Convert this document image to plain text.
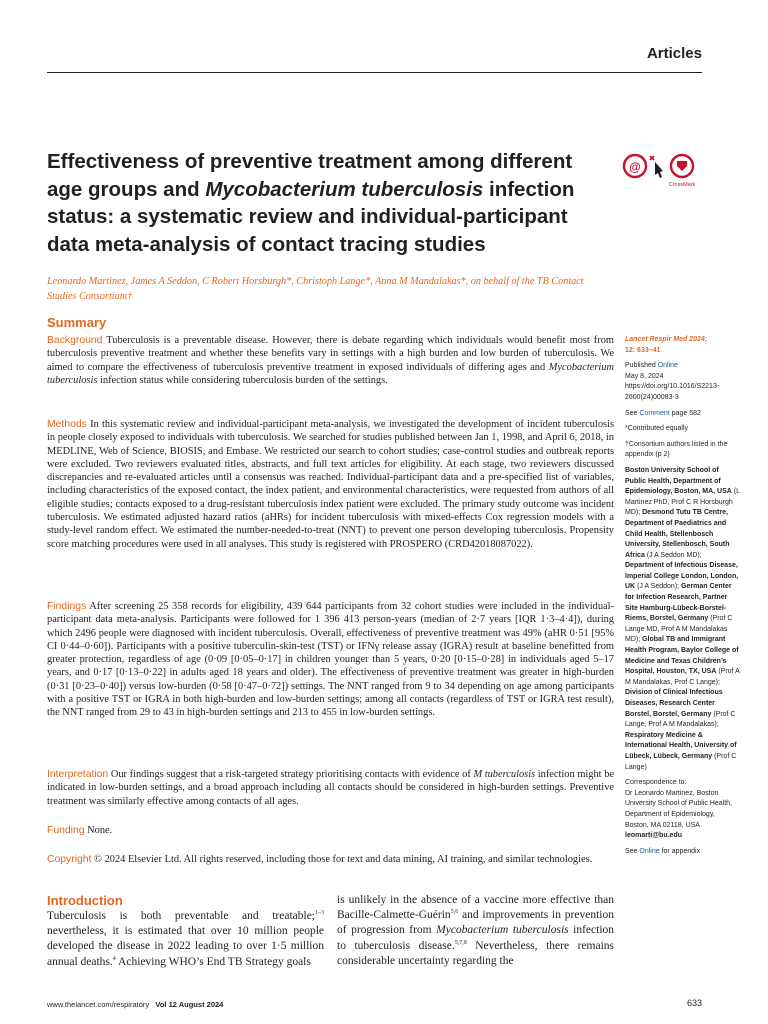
Articles
Effectiveness of preventive treatment among different age groups and Mycobacterium tuberculosis infection status: a systematic review and individual-participant data meta-analysis of contact tracing studies
@
CrossMark
Leonardo Martinez, James A Seddon, C Robert Horsburgh*, Christoph Lange*, Anna M Mandalakas*, on behalf of the TB Contact Studies Consortium†
Summary
Background Tuberculosis is a preventable disease. However, there is debate regarding which individuals would benefit most from tuberculosis preventive treatment and whether these benefits vary in settings with a high burden and low burden of tuberculosis. We aimed to compare the effectiveness of tuberculosis preventive treatment in exposed individuals of differing ages and Mycobacterium tuberculosis infection status while considering tuberculosis burden of the settings.
Methods In this systematic review and individual-participant meta-analysis, we investigated the development of incident tuberculosis in people closely exposed to individuals with tuberculosis. We searched for studies published between Jan 1, 1998, and April 6, 2018, in MEDLINE, Web of Science, BIOSIS, and Embase. We restricted our search to cohort studies; case-control studies and outbreak reports were excluded. Two reviewers evaluated titles, abstracts, and full text articles for eligibility. At each stage, two reviewers discussed discrepancies and re-evaluated articles until a consensus was reached. Individual-participant data and a pre-specified list of variables, including characteristics of the exposed contact, the index patient, and environmental characteristics, were requested from authors of all eligible studies; contacts exposed to a drug-resistant tuberculosis index patient were excluded. The primary study outcome was incident tuberculosis. We estimated adjusted hazard ratios (aHRs) for incident tuberculosis with mixed-effects Cox regression models with a study-level random effect. We estimated the number-needed-to-treat (NNT) to prevent one person developing tuberculosis. Propensity score matching procedures were used in all analyses. This study is registered with PROSPERO (CRD42018087022).
Findings After screening 25 358 records for eligibility, 439 644 participants from 32 cohort studies were included in the individual-participant data meta-analysis. Participants were followed for 1 396 413 person-years (median of 2·7 years [IQR 1·3–4·4]), during which 2496 people were diagnosed with incident tuberculosis. Overall, effectiveness of preventive treatment was 49% (aHR 0·51 [95% CI 0·44–0·60]). Participants with a positive tuberculin-skin-test (TST) or IFNγ release assay (IGRA) result at baseline benefitted from greater protection, regardless of age (0·09 [0·05–0·17] in children younger than 5 years, 0·20 [0·15–0·28] in individuals aged 5–17 years, and 0·17 [0·13–0·22] in adults aged 18 years and older). The effectiveness of preventive treatment was greater in high-burden (0·31 [0·23–0·40]) versus low-burden (0·58 [0·47–0·72]) settings. The NNT ranged from 9 to 34 depending on age among participants with a positive TST or IGRA in both high-burden and low-burden settings; among all contacts (regardless of TST or IGRA test result), the NNT ranged from 29 to 43 in high-burden settings and 213 to 455 in low-burden settings.
Interpretation Our findings suggest that a risk-targeted strategy prioritising contacts with evidence of M tuberculosis infection might be indicated in low-burden settings, and a broad approach including all contacts should be considered in high-burden settings. Preventive treatment was similarly effective among contacts of all ages.
Funding None.
Copyright © 2024 Elsevier Ltd. All rights reserved, including those for text and data mining, AI training, and similar technologies.
Introduction
Tuberculosis is both preventable and treatable;$^{1-3}$ nevertheless, it is estimated that over 10 million people developed the disease in 2022 leading to over 1·5 million annual deaths.$^4$ Achieving WHO’s End TB Strategy goals
is unlikely in the absence of a vaccine more effective than Bacille-Calmette-Guérin$^{5,6}$ and improvements in prevention of progression from Mycobacterium tuberculosis infection to tuberculosis disease.$^{5,7,8}$ Nevertheless, there remains considerable uncertainty regarding the

Lancet Respir Med 2024;
12: 633–41

Published Online
May 8, 2024
https://doi.org/10.1016/S2213-2600(24)00083-3

See Comment page 582

*Contributed equally

†Consortium authors listed in the appendix (p 2)

Boston University School of Public Health, Department of Epidemiology, Boston, MA, USA (L Martinez PhD, Prof C R Horsburgh MD); Desmond Tutu TB Centre, Department of Paediatrics and Child Health, Stellenbosch University, Stellenbosch, South Africa (J A Seddon MD); Department of Infectious Disease, Imperial College London, London, UK (J A Seddon); German Center for Infection Research, Partner Site Hamburg-Lübeck-Borstel-Riems, Borstel, Germany (Prof C Lange MD, Prof A M Mandalakas MD); Global TB and Immigrant Health Program, Baylor College of Medicine and Texas Children’s Hospital, Houston, TX, USA (Prof A M Mandalakas, Prof C Lange); Division of Clinical Infectious Diseases, Research Center Borstel, Borstel, Germany (Prof C Lange, Prof A M Mandalakas); Respiratory Medicine & International Health, University of Lübeck, Lübeck, Germany (Prof C Lange)

Correspondence to:
Dr Leonardo Martinez, Boston University School of Public Health, Department of Epidemiology, Boston, MA 02118, USA
leomarti@bu.edu

See Online for appendix

www.thelancet.com/respiratory Vol 12 August 2024	633
